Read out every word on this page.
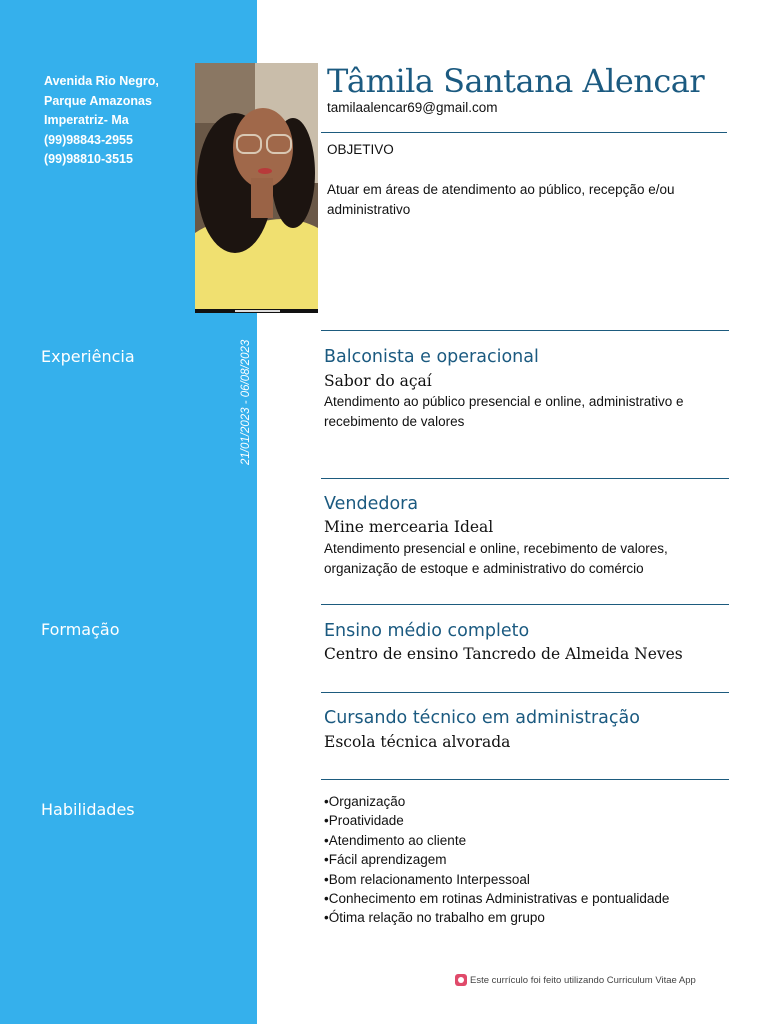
Avenida Rio Negro,
Parque Amazonas
Imperatriz- Ma
(99)98843-2955
(99)98810-3515
Tâmila Santana Alencar
tamilaalencar69@gmail.com
OBJETIVO
Atuar em áreas de atendimento ao público, recepção e/ou administrativo
Experiência	21/01/2023 - 06/08/2023	Balconista e operacional
Sabor do açaí
Atendimento ao público presencial e online, administrativo e recebimento de valores
Vendedora
Mine mercearia Ideal
Atendimento presencial e online, recebimento de valores, organização de estoque e administrativo do comércio
Formação	Ensino médio completo
Centro de ensino Tancredo de Almeida Neves
Cursando técnico em administração
Escola técnica alvorada
Habilidades
•	Organização
• Proatividade
• Atendimento ao cliente
• Fácil aprendizagem
• Bom relacionamento Interpessoal
• Conhecimento em rotinas Administrativas e pontualidade
• Ótima relação no trabalho em grupo
Este currículo foi feito utilizando Curriculum Vitae App
